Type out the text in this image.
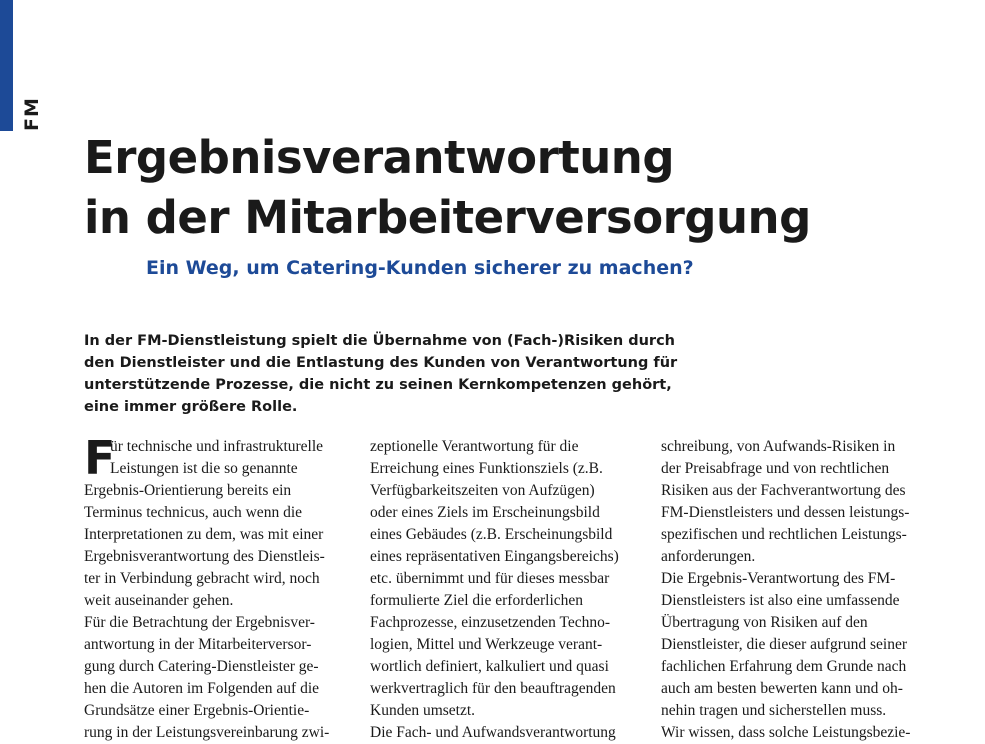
FM
Ergebnisverantwortung
in der Mitarbeiterversorgung
Ein Weg, um Catering-Kunden sicherer zu machen?
In der FM-Dienstleistung spielt die Übernahme von (Fach-)Risiken durch
den Dienstleister und die Entlastung des Kunden von Verantwortung für
unterstützende Prozesse, die nicht zu seinen Kernkompetenzen gehört,
eine immer größere Rolle.
F
ür technische und infrastrukturelle
Leistungen ist die so genannte
Ergebnis-Orientierung bereits ein
Terminus technicus, auch wenn die
Interpretationen zu dem, was mit einer
Ergebnisverantwortung des Dienstleis-
ter in Verbindung gebracht wird, noch
weit auseinander gehen.
Für die Betrachtung der Ergebnisver-
antwortung in der Mitarbeiterversor-
gung durch Catering-Dienstleister ge-
hen die Autoren im Folgenden auf die
Grundsätze einer Ergebnis-Orientie-
rung in der Leistungsvereinbarung zwi-
zeptionelle Verantwortung für die
Erreichung eines Funktionsziels (z.B.
Verfügbarkeitszeiten von Aufzügen)
oder eines Ziels im Erscheinungsbild
eines Gebäudes (z.B. Erscheinungsbild
eines repräsentativen Eingangsbereichs)
etc. übernimmt und für dieses messbar
formulierte Ziel die erforderlichen
Fachprozesse, einzusetzenden Techno-
logien, Mittel und Werkzeuge verant-
wortlich definiert, kalkuliert und quasi
werkvertraglich für den beauftragenden
Kunden umsetzt.
Die Fach- und Aufwandsverantwortung
schreibung, von Aufwands-Risiken in
der Preisabfrage und von rechtlichen
Risiken aus der Fachverantwortung des
FM-Dienstleisters und dessen leistungs-
spezifischen und rechtlichen Leistungs-
anforderungen.
Die Ergebnis-Verantwortung des FM-
Dienstleisters ist also eine umfassende
Übertragung von Risiken auf den
Dienstleister, die dieser aufgrund seiner
fachlichen Erfahrung dem Grunde nach
auch am besten bewerten kann und oh-
nehin tragen und sicherstellen muss.
Wir wissen, dass solche Leistungsbezie-
